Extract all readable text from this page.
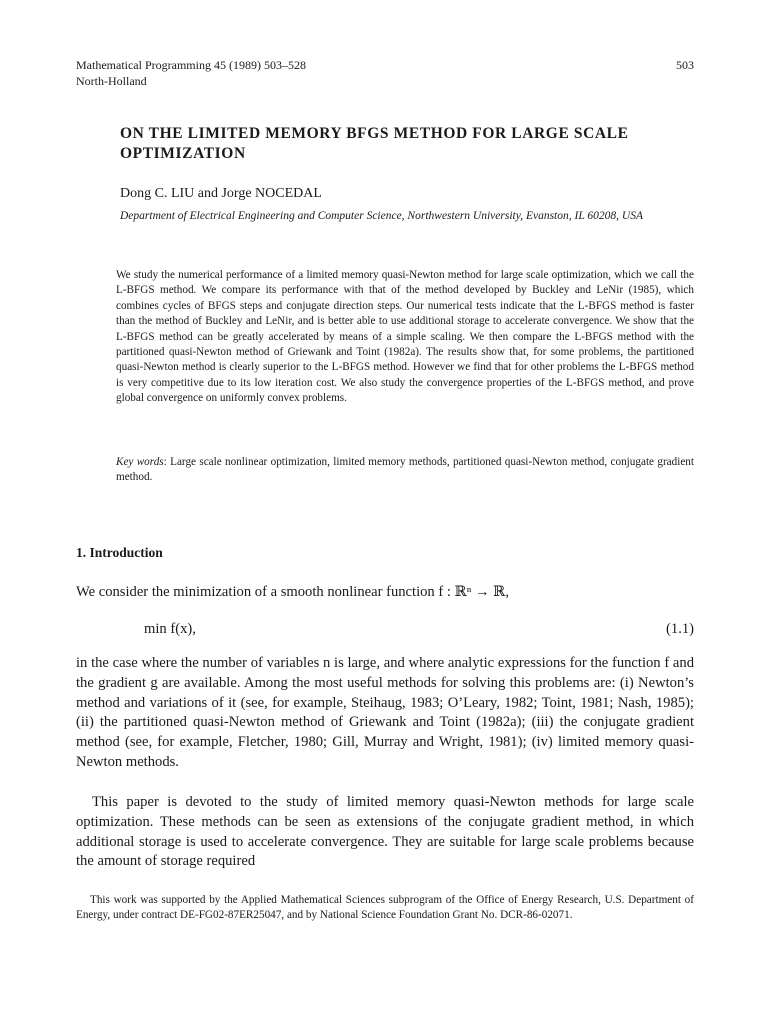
Mathematical Programming 45 (1989) 503–528
North-Holland
503
ON THE LIMITED MEMORY BFGS METHOD FOR LARGE SCALE OPTIMIZATION
Dong C. LIU and Jorge NOCEDAL
Department of Electrical Engineering and Computer Science, Northwestern University, Evanston, IL 60208, USA
We study the numerical performance of a limited memory quasi-Newton method for large scale optimization, which we call the L-BFGS method. We compare its performance with that of the method developed by Buckley and LeNir (1985), which combines cycles of BFGS steps and conjugate direction steps. Our numerical tests indicate that the L-BFGS method is faster than the method of Buckley and LeNir, and is better able to use additional storage to accelerate convergence. We show that the L-BFGS method can be greatly accelerated by means of a simple scaling. We then compare the L-BFGS method with the partitioned quasi-Newton method of Griewank and Toint (1982a). The results show that, for some problems, the partitioned quasi-Newton method is clearly superior to the L-BFGS method. However we find that for other problems the L-BFGS method is very competitive due to its low iteration cost. We also study the convergence properties of the L-BFGS method, and prove global convergence on uniformly convex problems.
Key words: Large scale nonlinear optimization, limited memory methods, partitioned quasi-Newton method, conjugate gradient method.
1. Introduction
We consider the minimization of a smooth nonlinear function f : ℝⁿ → ℝ,
min f(x),	(1.1)
in the case where the number of variables n is large, and where analytic expressions for the function f and the gradient g are available. Among the most useful methods for solving this problems are: (i) Newton’s method and variations of it (see, for example, Steihaug, 1983; O’Leary, 1982; Toint, 1981; Nash, 1985); (ii) the partitioned quasi-Newton method of Griewank and Toint (1982a); (iii) the conjugate gradient method (see, for example, Fletcher, 1980; Gill, Murray and Wright, 1981); (iv) limited memory quasi-Newton methods.
This paper is devoted to the study of limited memory quasi-Newton methods for large scale optimization. These methods can be seen as extensions of the conjugate gradient method, in which additional storage is used to accelerate convergence. They are suitable for large scale problems because the amount of storage required
This work was supported by the Applied Mathematical Sciences subprogram of the Office of Energy Research, U.S. Department of Energy, under contract DE-FG02-87ER25047, and by National Science Foundation Grant No. DCR-86-02071.
